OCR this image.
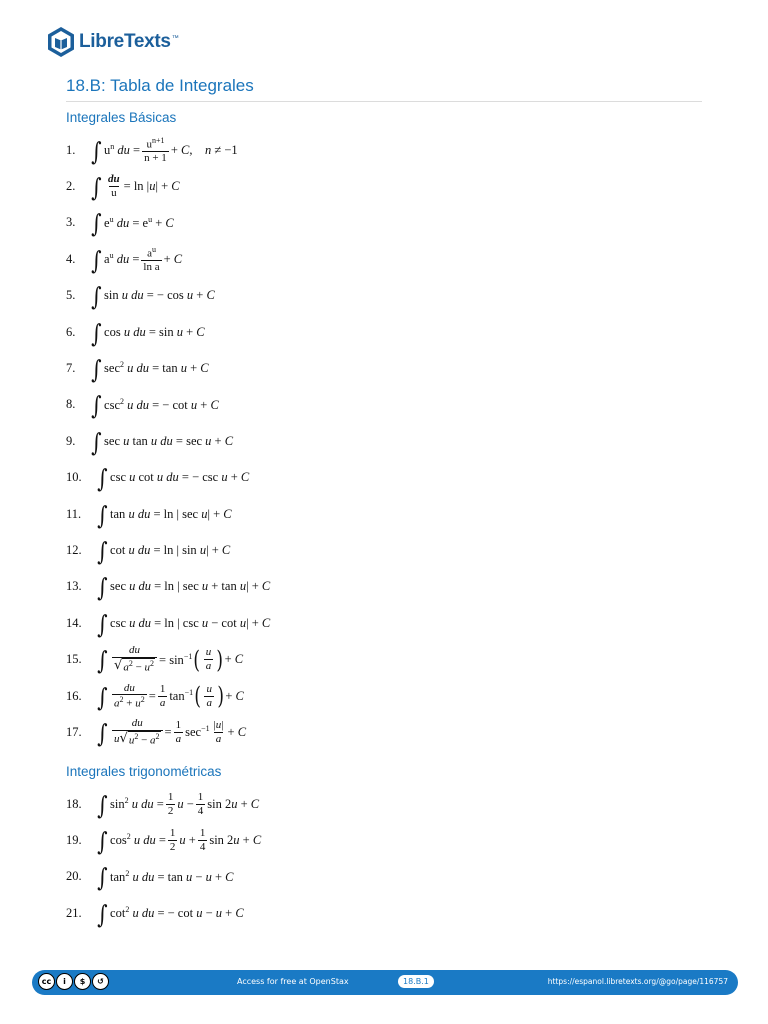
LibreTexts ™
18.B: Tabla de Integrales
Integrales Básicas
1. ∫ $u^n$ du = $\frac{u^{n+1}}{n + 1} + C$,    n ≠ −1
2. ∫ $\frac{du}{u} = \ln |u| + C$
3. ∫ $e^u$ du = $e^u + C$
4. ∫ $a^u$ du = $\frac{a^u}{\text{ln a}} + C$
5. ∫ sin u du = − cos u + C
6. ∫ cos u du = sin u + C
7. ∫ $\sec^2 u$ du = tan u + C
8. ∫ $\csc^2 u$ du = − cot u + C
9. ∫ sec u tan u du = sec u + C
10. ∫ csc u cot u du = − csc u + C
11. ∫ tan u du = ln | sec u| + C
12. ∫ cot u du = ln | sin u| + C
13. ∫ sec u du = ln | sec u + tan u| + C
14. ∫ csc u du = ln | csc u − cot u| + C
15. ∫ $\frac{du}{√ a^2 - u^2} = \sin^{-1}$ ( $\frac{u}{a}$ ) + C
16. ∫ $\frac{du}{a^2 + u^2} = \frac{1}{a} \tan^{-1}$ ( $\frac{u}{a}$ ) + C
17. ∫ $\frac{du}{u √ u^2 - a^2} = \frac{1}{a} \sec^{-1} \frac{|u|}{a} + C$
Integrales trigonométricas
18. ∫ $\sin^2 u$ du = $\frac{1}{2}$ $u - \frac{1}{4}$ sin 2u + C
19. ∫ $\cos^2 u$ du = $\frac{1}{2}$ $u + \frac{1}{4}$ sin 2u + C
20. ∫ $\tan^2 u$ du = tan u − u + C
21. ∫ $\cot^2 u$ du = − cot u − u + C
cc	i	$	↺	Access for free at OpenStax	18.B.1	https://espanol.libretexts.org/@go/page/116757
